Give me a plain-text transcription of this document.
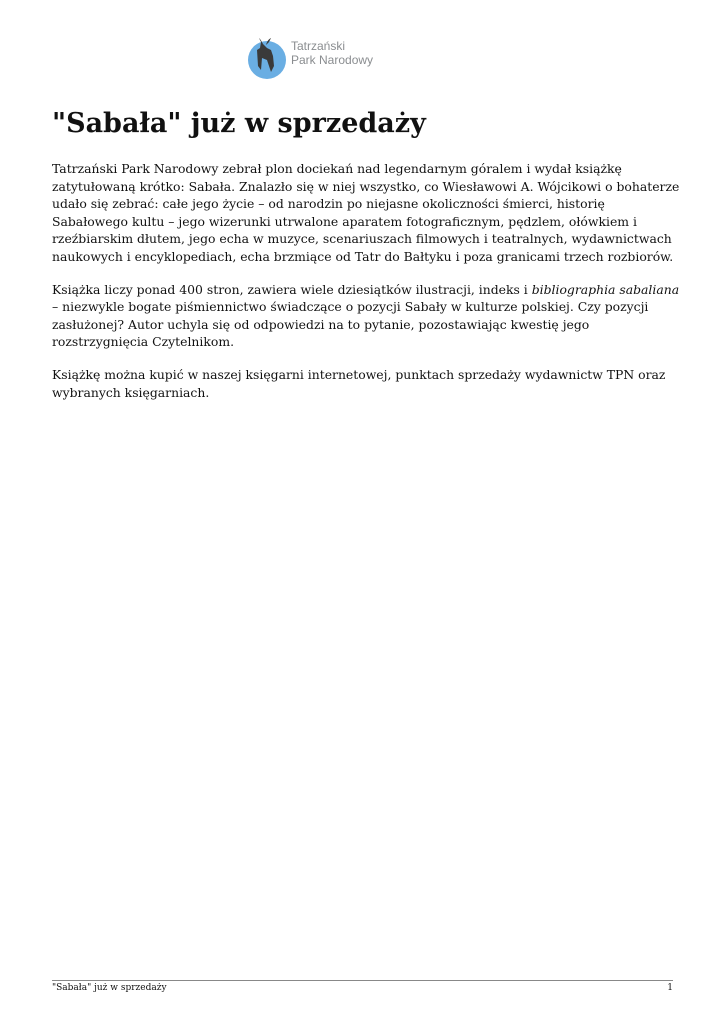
Tatrzański
Park Narodowy
"Sabała" już w sprzedaży

Tatrzański Park Narodowy zebrał plon dociekań nad legendarnym góralem i wydał książkę zatytułowaną krótko: Sabała. Znalazło się w niej wszystko, co Wiesławowi A. Wójcikowi o bohaterze udało się zebrać: całe jego życie – od narodzin po niejasne okoliczności śmierci, historię Sabałowego kultu – jego wizerunki utrwalone aparatem fotograficznym, pędzlem, ołówkiem i rzeźbiarskim dłutem, jego echa w muzyce, scenariuszach filmowych i teatralnych, wydawnictwach naukowych i encyklopediach, echa brzmiące od Tatr do Bałtyku i poza granicami trzech rozbiorów.

Książka liczy ponad 400 stron, zawiera wiele dziesiątków ilustracji, indeks i bibliographia sabaliana – niezwykle bogate piśmiennictwo świadczące o pozycji Sabały w kulturze polskiej. Czy pozycji zasłużonej? Autor uchyla się od odpowiedzi na to pytanie, pozostawiając kwestię jego rozstrzygnięcia Czytelnikom.

Książkę można kupić w naszej księgarni internetowej, punktach sprzedaży wydawnictw TPN oraz wybranych księgarniach.

"Sabała" już w sprzedaży	1
